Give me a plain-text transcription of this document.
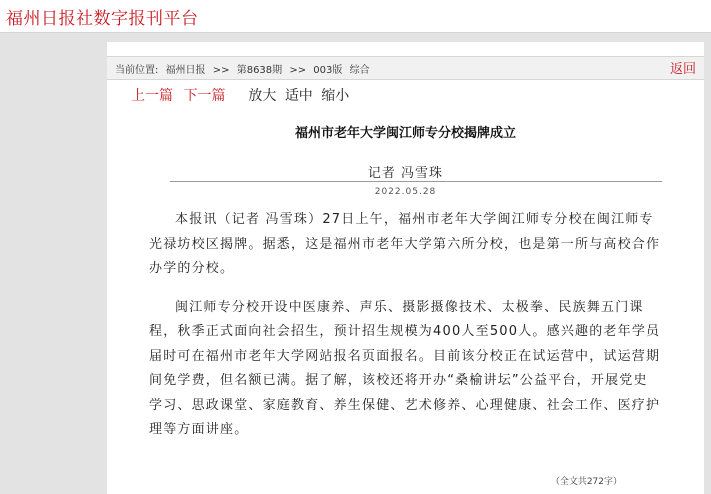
福州日报社数字报刊平台
当前位置: 福州日报 >> 第8638期 >> 003版 综合	返回
上一篇 下一篇 放大 适中 缩小
福州市老年大学闽江师专分校揭牌成立
记者 冯雪珠
2022.05.28

本报讯（记者 冯雪珠）27日上午，福州市老年大学闽江师专分校在闽江师专光禄坊校区揭牌。据悉，这是福州市老年大学第六所分校，也是第一所与高校合作办学的分校。

闽江师专分校开设中医康养、声乐、摄影摄像技术、太极拳、民族舞五门课程，秋季正式面向社会招生，预计招生规模为400人至500人。感兴趣的老年学员届时可在福州市老年大学网站报名页面报名。目前该分校正在试运营中，试运营期间免学费，但名额已满。据了解，该校还将开办“桑榆讲坛”公益平台，开展党史学习、思政课堂、家庭教育、养生保健、艺术修养、心理健康、社会工作、医疗护理等方面讲座。

（全文共272字）
